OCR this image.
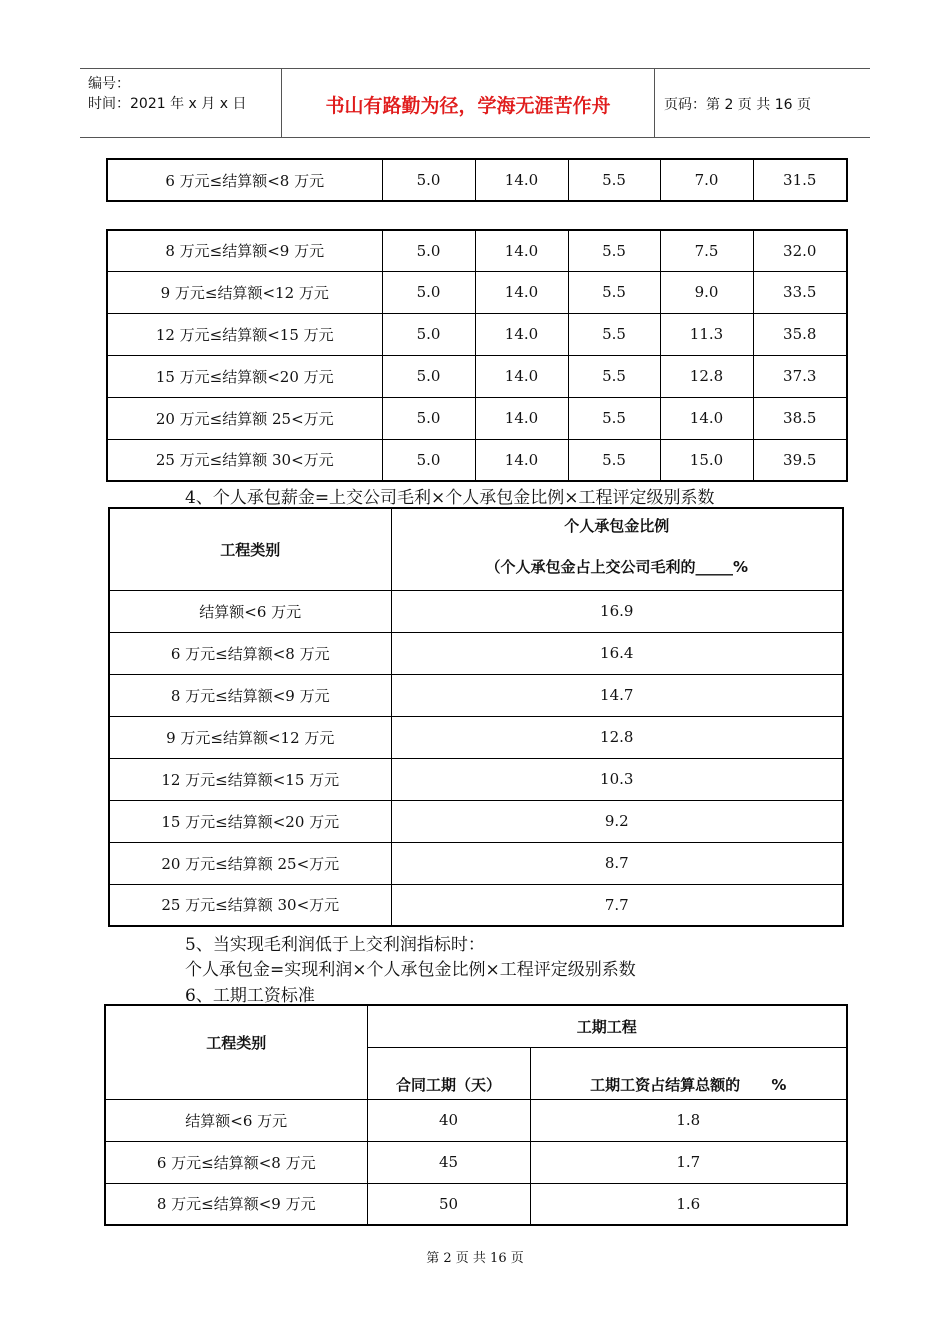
编号：
时间：2021 年 x 月 x 日	书山有路勤为径，学海无涯苦作舟	页码：第 2 页 共 16 页
6 万元≤结算额<8 万元	5.0	14.0	5.5	7.0	31.5
8 万元≤结算额<9 万元	5.0	14.0	5.5	7.5	32.0
9 万元≤结算额<12 万元	5.0	14.0	5.5	9.0	33.5
12 万元≤结算额<15 万元	5.0	14.0	5.5	11.3	35.8
15 万元≤结算额<20 万元	5.0	14.0	5.5	12.8	37.3
20 万元≤结算额 25<万元	5.0	14.0	5.5	14.0	38.5
25 万元≤结算额 30<万元	5.0	14.0	5.5	15.0	39.5
4、个人承包薪金=上交公司毛利×个人承包金比例×工程评定级别系数
工程类别	个人承包金比例
（个人承包金占上交公司毛利的_____%

结算额<6 万元	16.9
6 万元≤结算额<8 万元	16.4
8 万元≤结算额<9 万元	14.7
9 万元≤结算额<12 万元	12.8
12 万元≤结算额<15 万元	10.3
15 万元≤结算额<20 万元	9.2
20 万元≤结算额 25<万元	8.7
25 万元≤结算额 30<万元	7.7
5、当实现毛利润低于上交利润指标时：
个人承包金=实现利润×个人承包金比例×工程评定级别系数
6、工期工资标准
工程类别	工期工程	
	合同工期（天）	工期工资占结算总额的      %
结算额<6 万元	40	1.8
6 万元≤结算额<8 万元	45	1.7
8 万元≤结算额<9 万元	50	1.6
第 2 页 共 16 页
